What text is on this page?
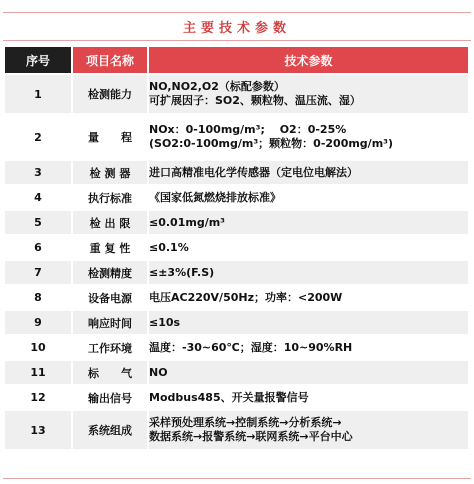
主要技术参数
序号	项目名称	技术参数
1	检测能力	NO,NO2,O2（标配参数）
可扩展因子：SO2、颗粒物、温压流、湿）

2	量　　程	NOx：0-100mg/m³;　 O2：0-25%
(SO2:0-100mg/m³；颗粒物：0-200mg/m³)

3	检 测 器	进口高精准电化学传感器（定电位电解法）
4	执行标准	《国家低氮燃烧排放标准》
5	检 出 限	≤0.01mg/m³
6	重 复 性	≤0.1%
7	检测精度	≤±3%(F.S)
8	设备电源	电压AC220V/50Hz；功率：<200W
9	响应时间	≤10s
10	工作环境	温度：-30~60℃；湿度：10~90%RH
11	标　　气	NO
12	输出信号	Modbus485、开关量报警信号
13	系统组成	采样预处理系统→控制系统→分析系统→
数据系统→报警系统→联网系统→平台中心
